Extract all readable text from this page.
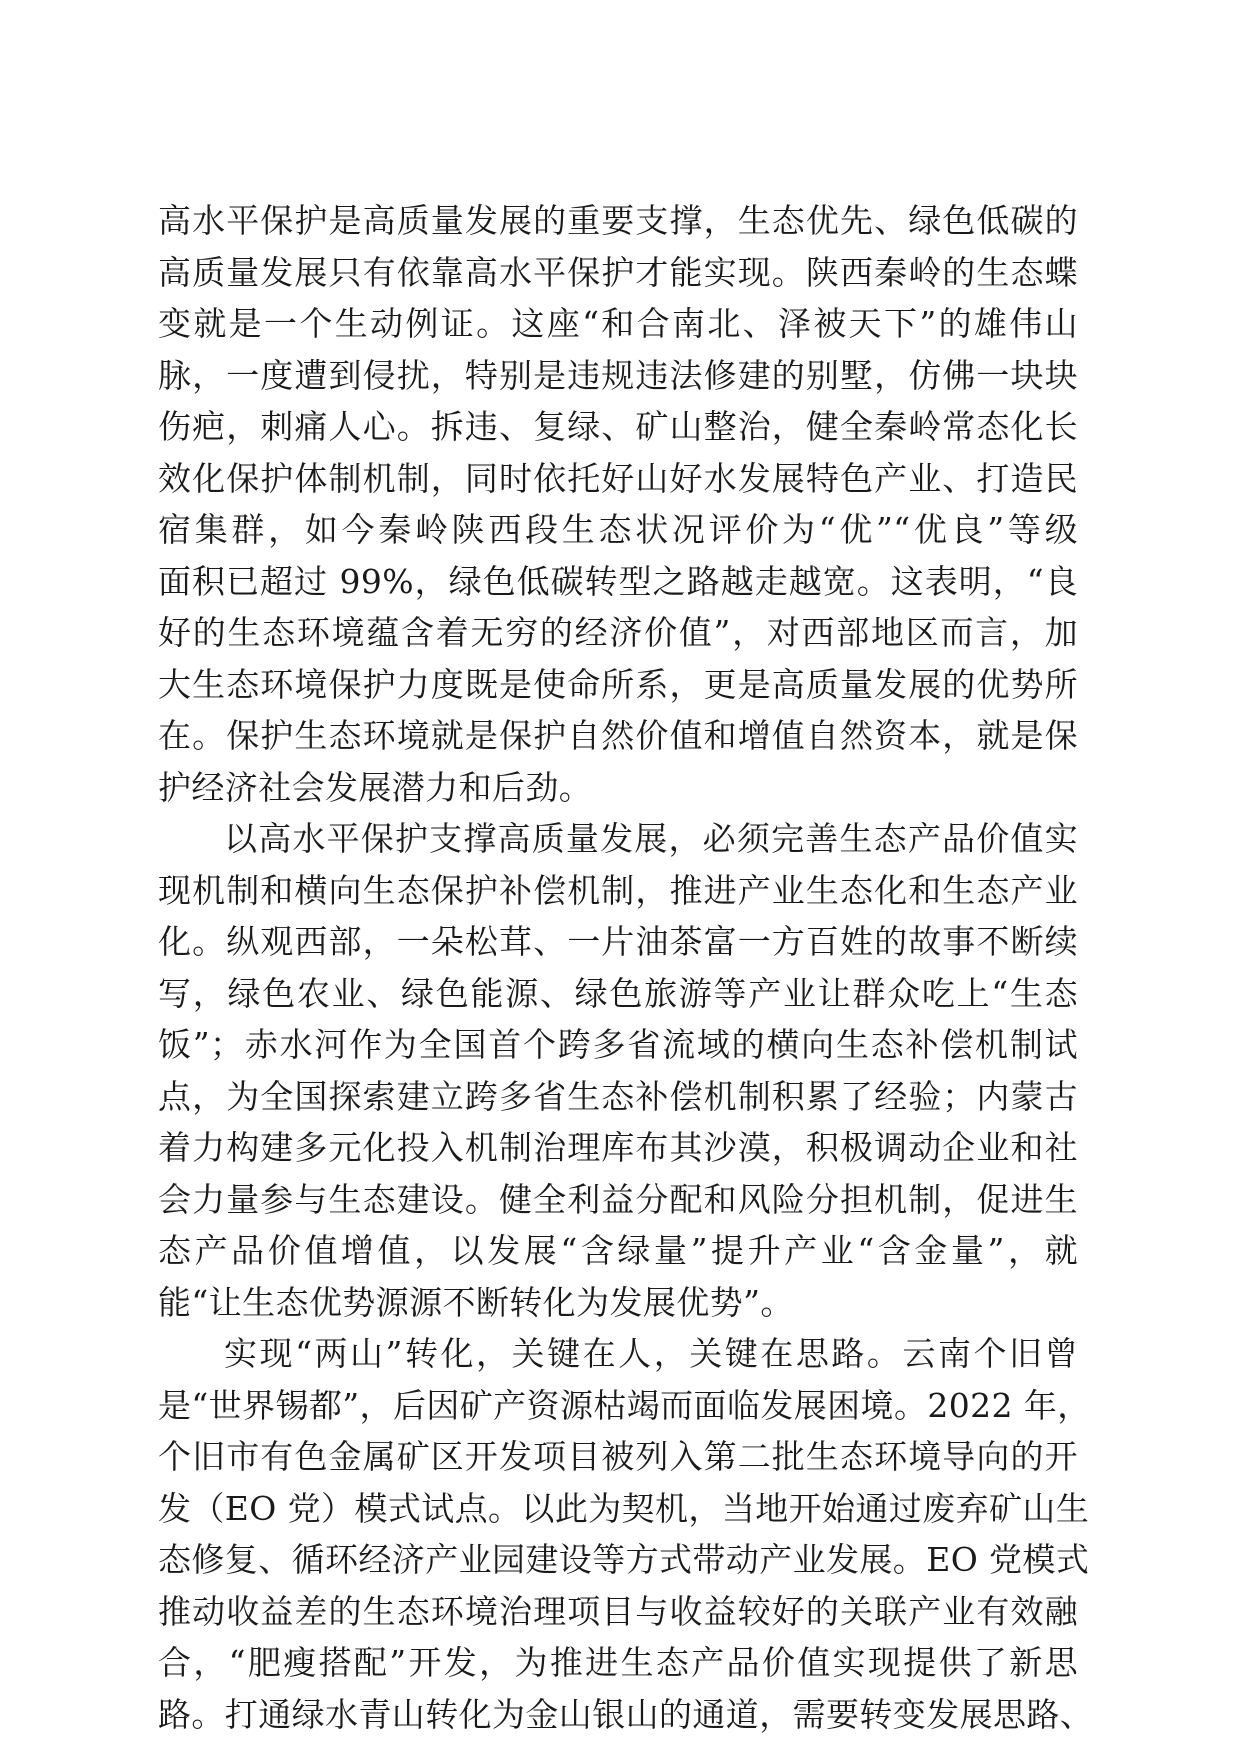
高水平保护是高质量发展的重要支撑，生态优先、绿色低碳的
高质量发展只有依靠高水平保护才能实现。陕西秦岭的生态蝶
变就是一个生动例证。这座“和合南北、泽被天下”的雄伟山
脉，一度遭到侵扰，特别是违规违法修建的别墅，仿佛一块块
伤疤，刺痛人心。拆违、复绿、矿山整治，健全秦岭常态化长
效化保护体制机制，同时依托好山好水发展特色产业、打造民
宿集群，如今秦岭陕西段生态状况评价为“优”“优良”等级
面积已超过 99%，绿色低碳转型之路越走越宽。这表明，“良
好的生态环境蕴含着无穷的经济价值”，对西部地区而言，加
大生态环境保护力度既是使命所系，更是高质量发展的优势所
在。保护生态环境就是保护自然价值和增值自然资本，就是保
护经济社会发展潜力和后劲。
以高水平保护支撑高质量发展，必须完善生态产品价值实
现机制和横向生态保护补偿机制，推进产业生态化和生态产业
化。纵观西部，一朵松茸、一片油茶富一方百姓的故事不断续
写，绿色农业、绿色能源、绿色旅游等产业让群众吃上“生态
饭”；赤水河作为全国首个跨多省流域的横向生态补偿机制试
点，为全国探索建立跨多省生态补偿机制积累了经验；内蒙古
着力构建多元化投入机制治理库布其沙漠，积极调动企业和社
会力量参与生态建设。健全利益分配和风险分担机制，促进生
态产品价值增值，以发展“含绿量”提升产业“含金量”，就
能“让生态优势源源不断转化为发展优势”。
实现“两山”转化，关键在人，关键在思路。云南个旧曾
是“世界锡都”，后因矿产资源枯竭而面临发展困境。2022 年，
个旧市有色金属矿区开发项目被列入第二批生态环境导向的开
发（EO 党）模式试点。以此为契机，当地开始通过废弃矿山生
态修复、循环经济产业园建设等方式带动产业发展。EO 党模式
推动收益差的生态环境治理项目与收益较好的关联产业有效融
合，“肥瘦搭配”开发，为推进生态产品价值实现提供了新思
路。打通绿水青山转化为金山银山的通道，需要转变发展思路、
